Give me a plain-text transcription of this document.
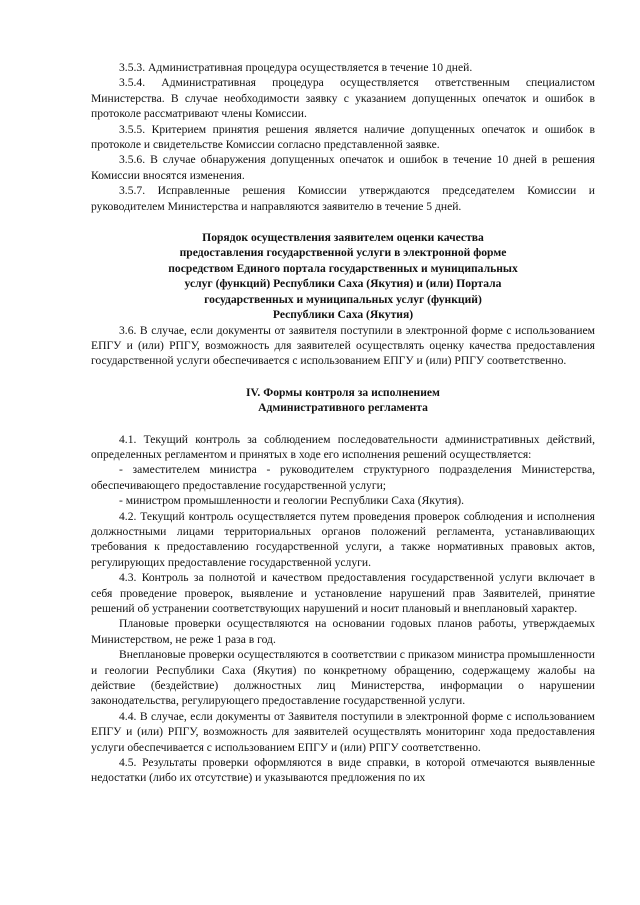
3.5.3. Административная процедура осуществляется в течение 10 дней.

3.5.4. Административная процедура осуществляется ответственным специалистом Министерства. В случае необходимости заявку с указанием допущенных опечаток и ошибок в протоколе рассматривают члены Комиссии.

3.5.5. Критерием принятия решения является наличие допущенных опечаток и ошибок в протоколе и свидетельстве Комиссии согласно представленной заявке.

3.5.6. В случае обнаружения допущенных опечаток и ошибок в течение 10 дней в решения Комиссии вносятся изменения.

3.5.7. Исправленные решения Комиссии утверждаются председателем Комиссии и руководителем Министерства и направляются заявителю в течение 5 дней.

Порядок осуществления заявителем оценки качества

предоставления государственной услуги в электронной форме

посредством Единого портала государственных и муниципальных

услуг (функций) Республики Саха (Якутия) и (или) Портала

государственных и муниципальных услуг (функций)

Республики Саха (Якутия)

3.6. В случае, если документы от заявителя поступили в электронной форме с использованием ЕПГУ и (или) РПГУ, возможность для заявителей осуществлять оценку качества предоставления государственной услуги обеспечивается с использованием ЕПГУ и (или) РПГУ соответственно.

IV. Формы контроля за исполнением

Административного регламента

4.1. Текущий контроль за соблюдением последовательности административных действий, определенных регламентом и принятых в ходе его исполнения решений осуществляется:

- заместителем министра - руководителем структурного подразделения Министерства, обеспечивающего предоставление государственной услуги;

- министром промышленности и геологии Республики Саха (Якутия).

4.2. Текущий контроль осуществляется путем проведения проверок соблюдения и исполнения должностными лицами территориальных органов положений регламента, устанавливающих требования к предоставлению государственной услуги, а также нормативных правовых актов, регулирующих предоставление государственной услуги.

4.3. Контроль за полнотой и качеством предоставления государственной услуги включает в себя проведение проверок, выявление и установление нарушений прав Заявителей, принятие решений об устранении соответствующих нарушений и носит плановый и внеплановый характер.

Плановые проверки осуществляются на основании годовых планов работы, утверждаемых Министерством, не реже 1 раза в год.

Внеплановые проверки осуществляются в соответствии с приказом министра промышленности и геологии Республики Саха (Якутия) по конкретному обращению, содержащему жалобы на действие (бездействие) должностных лиц Министерства, информации о нарушении законодательства, регулирующего предоставление государственной услуги.

4.4. В случае, если документы от Заявителя поступили в электронной форме с использованием ЕПГУ и (или) РПГУ, возможность для заявителей осуществлять мониторинг хода предоставления услуги обеспечивается с использованием ЕПГУ и (или) РПГУ соответственно.

4.5. Результаты проверки оформляются в виде справки, в которой отмечаются выявленные недостатки (либо их отсутствие) и указываются предложения по их
